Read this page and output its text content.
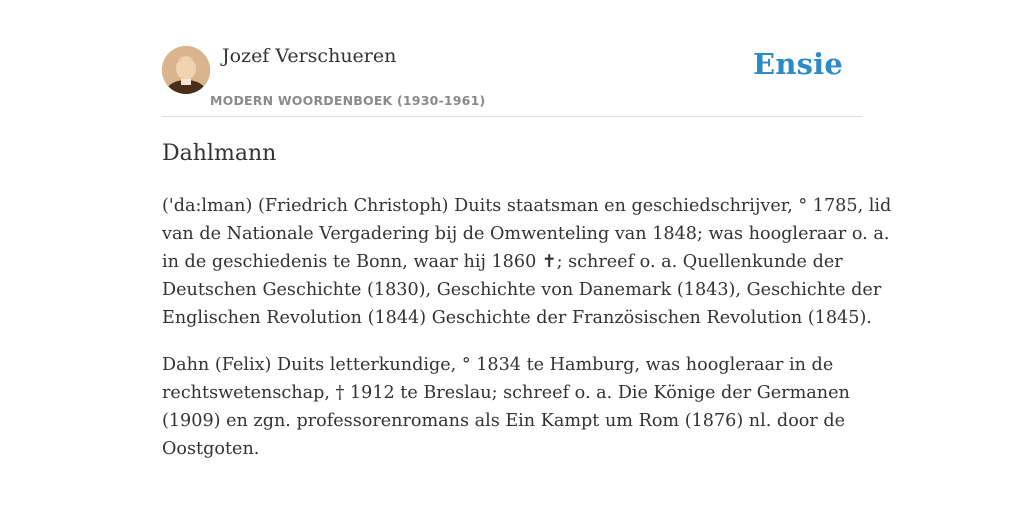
Jozef Verschueren
MODERN WOORDENBOEK (1930-1961)
Ensie
Dahlmann

('da:lman) (Friedrich Christoph) Duits staatsman en geschiedschrijver, ° 1785, lid
van de Nationale Vergadering bij de Omwenteling van 1848; was hoogleraar o. a.
in de geschiedenis te Bonn, waar hij 1860 ✝; schreef o. a. Quellenkunde der
Deutschen Geschichte (1830), Geschichte von Danemark (1843), Geschichte der
Englischen Revolution (1844) Geschichte der Französischen Revolution (1845).

Dahn (Felix) Duits letterkundige, ° 1834 te Hamburg, was hoogleraar in de
rechtswetenschap, † 1912 te Breslau; schreef o. a. Die Könige der Germanen
(1909) en zgn. professorenromans als Ein Kampt um Rom (1876) nl. door de
Oostgoten.
